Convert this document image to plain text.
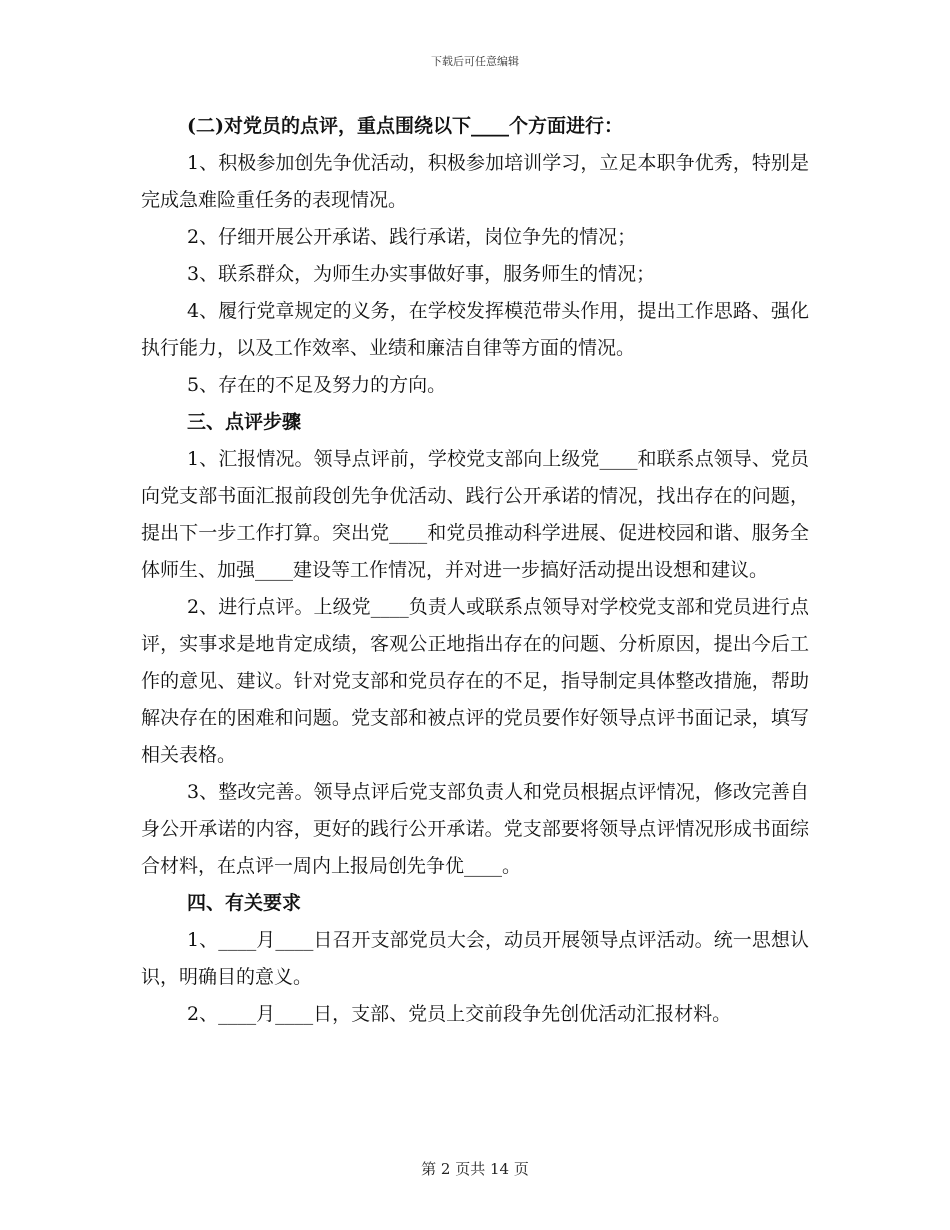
下载后可任意编辑

(二)对党员的点评，重点围绕以下____个方面进行：

1、积极参加创先争优活动，积极参加培训学习，立足本职争优秀，特别是完成急难险重任务的表现情况。

2、仔细开展公开承诺、践行承诺，岗位争先的情况；

3、联系群众，为师生办实事做好事，服务师生的情况；

4、履行党章规定的义务，在学校发挥模范带头作用，提出工作思路、强化执行能力，以及工作效率、业绩和廉洁自律等方面的情况。

5、存在的不足及努力的方向。

三、点评步骤

1、汇报情况。领导点评前，学校党支部向上级党____和联系点领导、党员向党支部书面汇报前段创先争优活动、践行公开承诺的情况，找出存在的问题，提出下一步工作打算。突出党____和党员推动科学进展、促进校园和谐、服务全体师生、加强____建设等工作情况，并对进一步搞好活动提出设想和建议。

2、进行点评。上级党____负责人或联系点领导对学校党支部和党员进行点评，实事求是地肯定成绩，客观公正地指出存在的问题、分析原因，提出今后工作的意见、建议。针对党支部和党员存在的不足，指导制定具体整改措施，帮助解决存在的困难和问题。党支部和被点评的党员要作好领导点评书面记录，填写相关表格。

3、整改完善。领导点评后党支部负责人和党员根据点评情况，修改完善自身公开承诺的内容，更好的践行公开承诺。党支部要将领导点评情况形成书面综合材料，在点评一周内上报局创先争优____。

四、有关要求

1、____月____日召开支部党员大会，动员开展领导点评活动。统一思想认识，明确目的意义。

2、____月____日，支部、党员上交前段争先创优活动汇报材料。

第 2 页共 14 页
